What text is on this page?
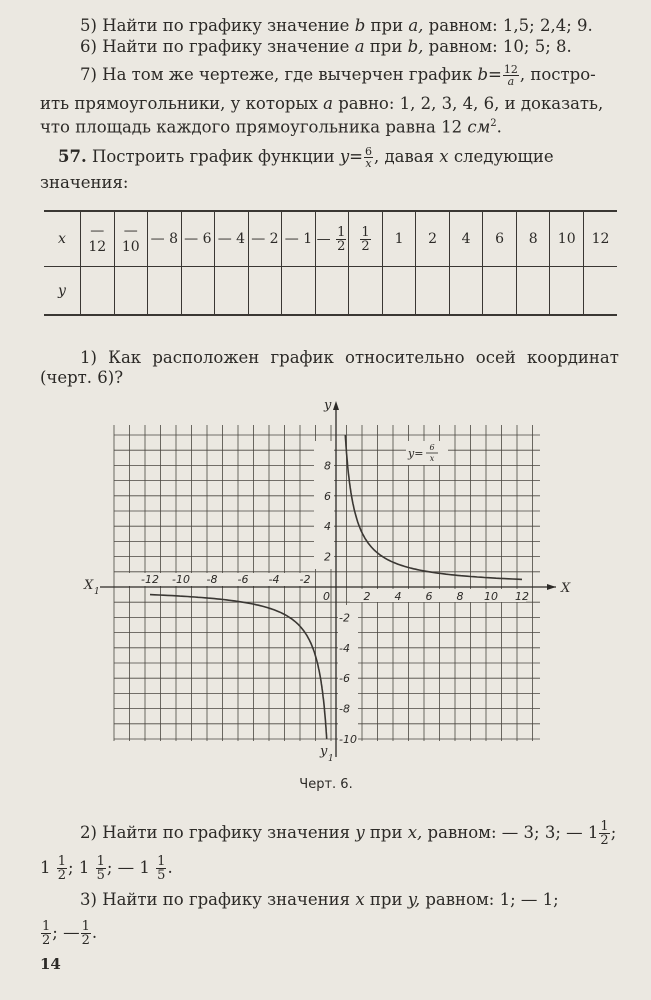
5) Найти по графику значение b при a, равном: 1,5; 2,4; 9.
6) Найти по графику значение a при b, равном: 10; 5; 8.
7) На том же чертеже, где вычерчен график $b= \frac{12}{a}$ , постро-
ить прямоугольники, у которых a равно: 1, 2, 3, 4, 6, и доказать,
что площадь каждого прямоугольника равна 12 $см^2$.
57. Построить график функции $y= \frac{6}{x}$ , давая x следующие
значения:
x	— 12	— 10	— 8	— 6	— 4	— 2	— 1	— $\frac{1}{2}$	$\frac{1}{2}$	1	2	4	6	8	10	12
y																
1) Как расположен график относительно осей координат
(черт. 6)?
2 4 6 8 10 12
-12 -10 -8 -6 -4 -2
2
4
6
8
-2
-4
-6
-8
-10
0
X
X 1
y
y 1
y= 6
x
Черт. 6.
2) Найти по графику значения y при x, равном: — 3; 3; — $1 \frac{1}{2}$ ;
$1 \frac{1}{2}$ ; $1 \frac{1}{5}$ ; — $1 \frac{1}{5}$ .
3) Найти по графику значения x при y, равном: 1; — 1;
$\frac{1}{2}$ ; — $\frac{1}{2}$ .
14
